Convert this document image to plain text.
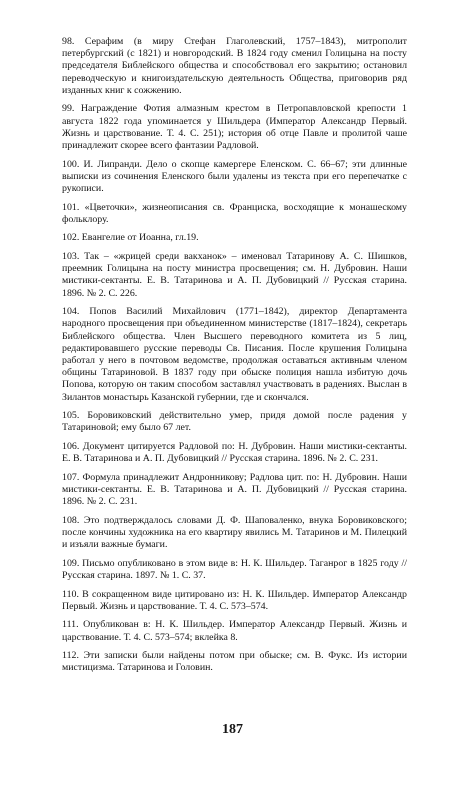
98. Серафим (в миру Стефан Глаголевский, 1757–1843), митрополит петербургский (с 1821) и новгородский. В 1824 году сменил Голицына на посту председателя Библейского общества и способствовал его закрытию; остановил переводческую и книгоиздательскую деятельность Общества, приговорив ряд изданных книг к сожжению.

99. Награждение Фотия алмазным крестом в Петропавловской крепости 1 августа 1822 года упоминается у Шильдера (Император Александр Первый. Жизнь и царствование. Т. 4. С. 251); история об отце Павле и пролитой чаше принадлежит скорее всего фантазии Радловой.

100. И. Липранди. Дело о скопце камергере Еленском. С. 66–67; эти длинные выписки из сочинения Еленского были удалены из текста при его перепечатке с рукописи.

101. «Цветочки», жизнеописания св. Франциска, восходящие к монашескому фольклору.

102. Евангелие от Иоанна, гл.19.

103. Так – «жрицей среди вакханок» – именовал Татаринову А. С. Шишков, преемник Голицына на посту министра просвещения; см. Н. Дубровин. Наши мистики-сектанты. Е. В. Татаринова и А. П. Дубовицкий // Русская старина. 1896. № 2. С. 226.

104. Попов Василий Михайлович (1771–1842), директор Департамента народного просвещения при объединенном министерстве (1817–1824), секретарь Библейского общества. Член Высшего переводного комитета из 5 лиц, редактировавшего русские переводы Св. Писания. После крушения Голицына работал у него в почтовом ведомстве, продолжая оставаться активным членом общины Татариновой. В 1837 году при обыске полиция нашла избитую дочь Попова, которую он таким способом заставлял участвовать в радениях. Выслан в Зилантов монастырь Казанской губернии, где и скончался.

105. Боровиковский действительно умер, придя домой после радения у Татариновой; ему было 67 лет.

106. Документ цитируется Радловой по: Н. Дубровин. Наши мистики-сектанты. Е. В. Татаринова и А. П. Дубовицкий // Русская старина. 1896. № 2. С. 231.

107. Формула принадлежит Андронникову; Радлова цит. по: Н. Дубровин. Наши мистики-сектанты. Е. В. Татаринова и А. П. Дубовицкий // Русская старина. 1896. № 2. С. 231.

108. Это подтверждалось словами Д. Ф. Шаповаленко, внука Боровиковского; после кончины художника на его квартиру явились М. Татаринов и М. Пилецкий и изъяли важные бумаги.

109. Письмо опубликовано в этом виде в: Н. К. Шильдер. Таганрог в 1825 году // Русская старина. 1897. № 1. С. 37.

110. В сокращенном виде цитировано из: Н. К. Шильдер. Император Александр Первый. Жизнь и царствование. Т. 4. С. 573–574.

111. Опубликован в: Н. К. Шильдер. Император Александр Первый. Жизнь и царствование. Т. 4. С. 573–574; вклейка 8.

112. Эти записки были найдены потом при обыске; см. В. Фукс. Из истории мистицизма. Татаринова и Головин.

187
